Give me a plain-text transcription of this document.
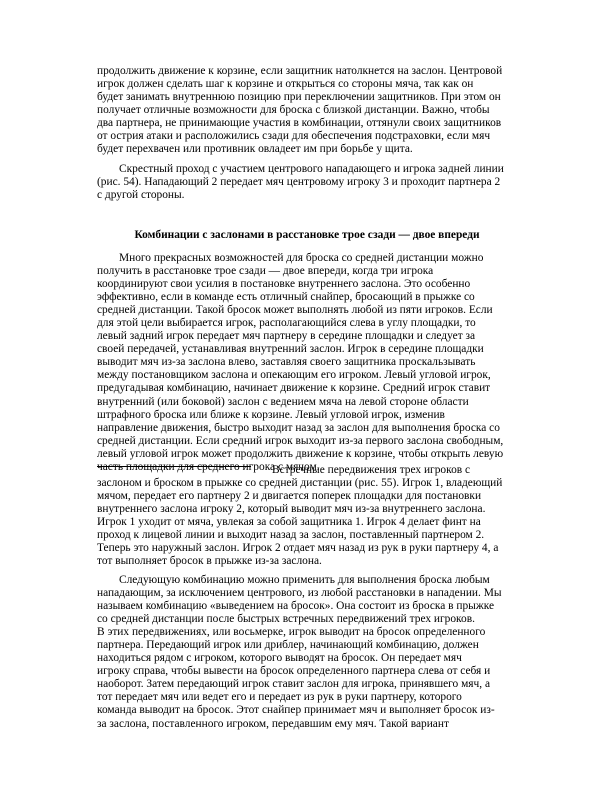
продолжить движение к корзине, если защитник натолкнется на заслон. Центровой
игрок должен сделать шаг к корзине и открыться со стороны мяча, так как он
будет занимать внутреннюю позицию при переключении защитников. При этом он
получает отличные возможности для броска с близкой дистанции. Важно, чтобы
два партнера, не принимающие участия в комбинации, оттянули своих защитников
от острия атаки и расположились сзади для обеспечения подстраховки, если мяч
будет перехвачен или противник овладеет им при борьбе у щита.
Скрестный проход с участием центрового нападающего и игрока задней линии
(рис. 54). Нападающий 2 передает мяч центровому игроку 3 и проходит партнера 2
с другой стороны.
Комбинации с заслонами в расстановке трое сзади — двое впереди
Много прекрасных возможностей для броска со средней дистанции можно
получить в расстановке трое сзади — двое впереди, когда три игрока
координируют свои усилия в постановке внутреннего заслона. Это особенно
эффективно, если в команде есть отличный снайпер, бросающий в прыжке со
средней дистанции. Такой бросок может выполнять любой из пяти игроков. Если
для этой цели выбирается игрок, располагающийся слева в углу площадки, то
левый задний игрок передает мяч партнеру в середине площадки и следует за
своей передачей, устанавливая внутренний заслон. Игрок в середине площадки
выводит мяч из-за заслона влево, заставляя своего защитника проскальзывать
между постановщиком заслона и опекающим его игроком. Левый угловой игрок,
предугадывая комбинацию, начинает движение к корзине. Средний игрок ставит
внутренний (или боковой) заслон с ведением мяча на левой стороне области
штрафного броска или ближе к корзине. Левый угловой игрок, изменив
направление движения, быстро выходит назад за заслон для выполнения броска со
средней дистанции. Если средний игрок выходит из-за первого заслона свободным,
левый угловой игрок может продолжить движение к корзине, чтобы открыть левую
часть площадки для среднего игрока с мячом.
Встречные передвижения трех игроков с
заслоном и броском в прыжке со средней дистанции (рис. 55). Игрок 1, владеющий
мячом, передает его партнеру 2 и двигается поперек площадки для постановки
внутреннего заслона игроку 2, который выводит мяч из-за внутреннего заслона.
Игрок 1 уходит от мяча, увлекая за собой защитника 1. Игрок 4 делает финт на
проход к лицевой линии и выходит назад за заслон, поставленный партнером 2.
Теперь это наружный заслон. Игрок 2 отдает мяч назад из рук в руки партнеру 4, а
тот выполняет бросок в прыжке из-за заслона.
Следующую комбинацию можно применить для выполнения броска любым
нападающим, за исключением центрового, из любой расстановки в нападении. Мы
называем комбинацию «выведением на бросок». Она состоит из броска в прыжке
со средней дистанции после быстрых встречных передвижений трех игроков.
В этих передвижениях, или восьмерке, игрок выводит на бросок определенного
партнера. Передающий игрок или дриблер, начинающий комбинацию, должен
находиться рядом с игроком, которого выводят на бросок. Он передает мяч
игроку справа, чтобы вывести на бросок определенного партнера слева от себя и
наоборот. Затем передающий игрок ставит заслон для игрока, принявшего мяч, а
тот передает мяч или ведет его и передает из рук в руки партнеру, которого
команда выводит на бросок. Этот снайпер принимает мяч и выполняет бросок из-
за заслона, поставленного игроком, передавшим ему мяч. Такой вариант
